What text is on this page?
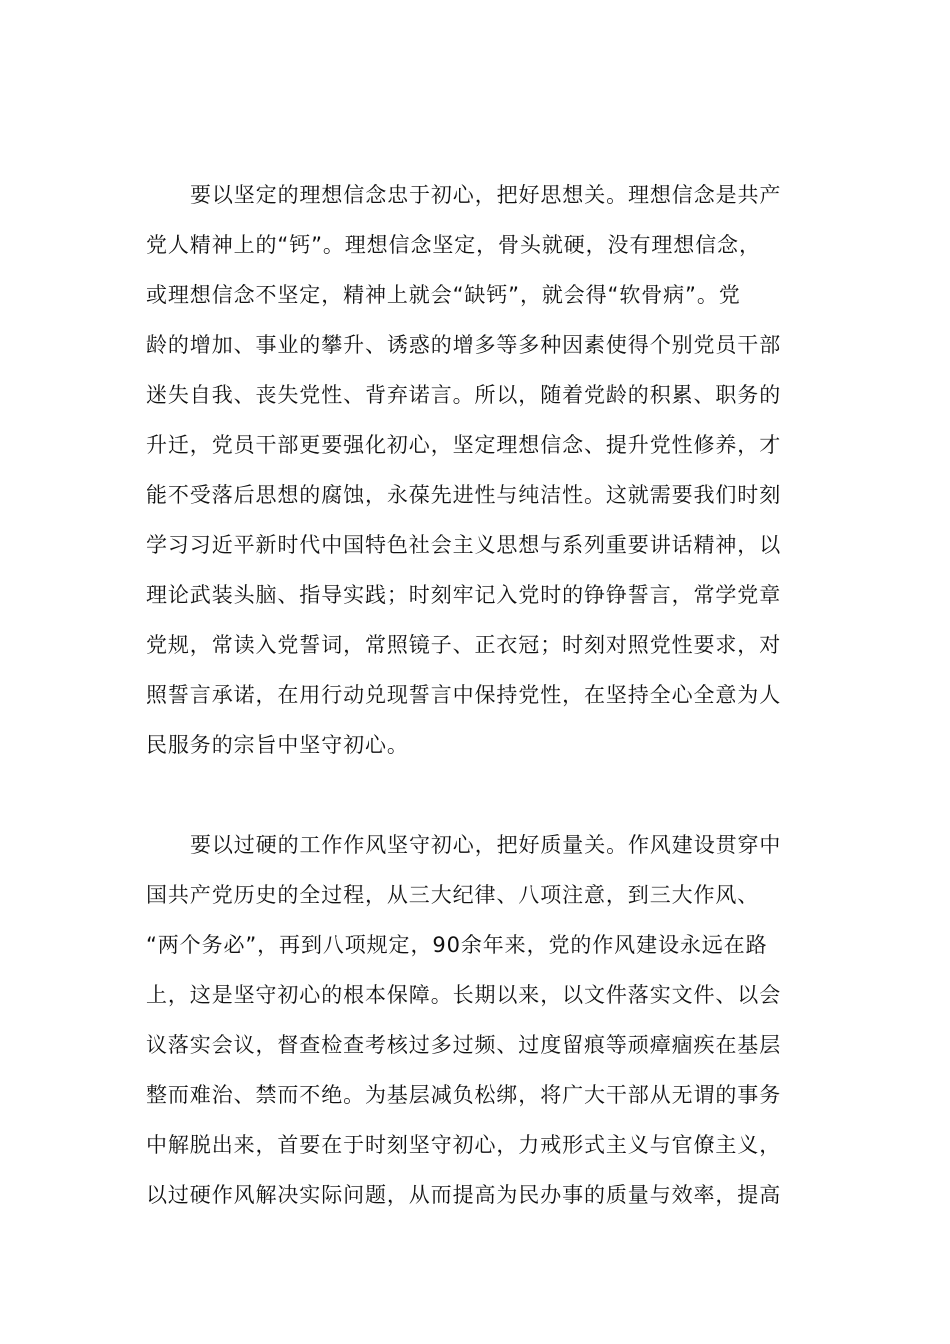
要以坚定的理想信念忠于初心，把好思想关。理想信念是共产
党人精神上的“钙”。理想信念坚定，骨头就硬，没有理想信念，
或理想信念不坚定，精神上就会“缺钙”，就会得“软骨病”。党
龄的增加、事业的攀升、诱惑的增多等多种因素使得个别党员干部
迷失自我、丧失党性、背弃诺言。所以，随着党龄的积累、职务的
升迁，党员干部更要强化初心，坚定理想信念、提升党性修养，才
能不受落后思想的腐蚀，永葆先进性与纯洁性。这就需要我们时刻
学习习近平新时代中国特色社会主义思想与系列重要讲话精神，以
理论武装头脑、指导实践；时刻牢记入党时的铮铮誓言，常学党章
党规，常读入党誓词，常照镜子、正衣冠；时刻对照党性要求，对
照誓言承诺，在用行动兑现誓言中保持党性，在坚持全心全意为人
民服务的宗旨中坚守初心。
要以过硬的工作作风坚守初心，把好质量关。作风建设贯穿中
国共产党历史的全过程，从三大纪律、八项注意，到三大作风、
“两个务必”，再到八项规定，90余年来，党的作风建设永远在路
上，这是坚守初心的根本保障。长期以来，以文件落实文件、以会
议落实会议，督查检查考核过多过频、过度留痕等顽瘴痼疾在基层
整而难治、禁而不绝。为基层减负松绑，将广大干部从无谓的事务
中解脱出来，首要在于时刻坚守初心，力戒形式主义与官僚主义，
以过硬作风解决实际问题，从而提高为民办事的质量与效率，提高
